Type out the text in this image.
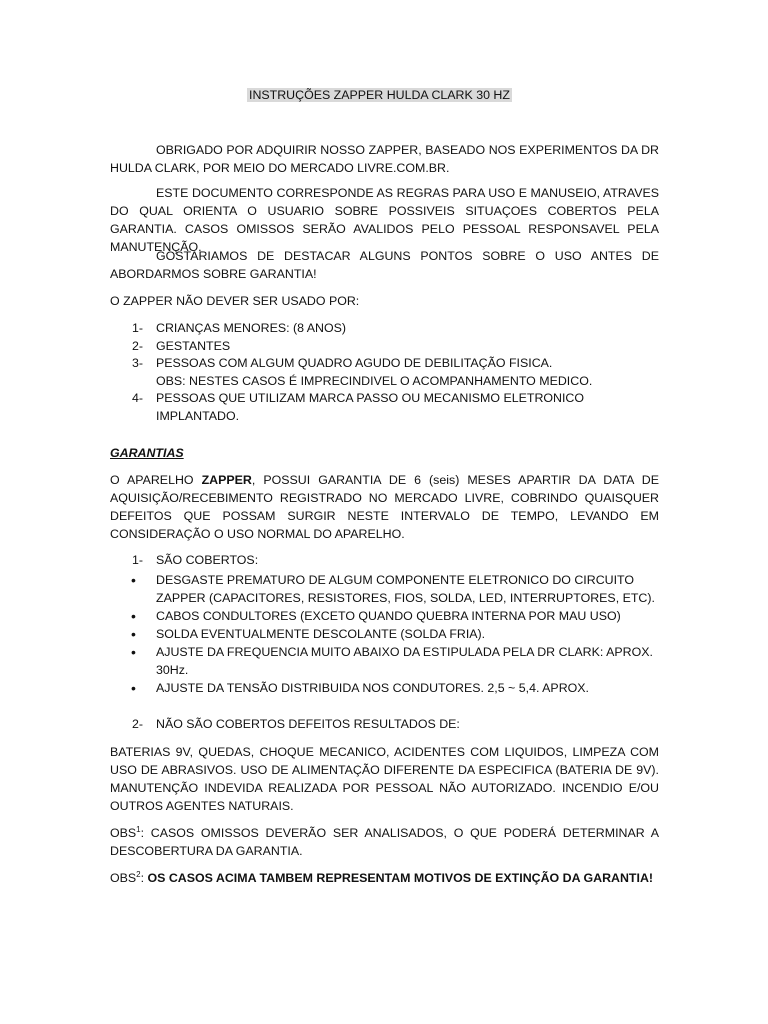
INSTRUÇÕES ZAPPER HULDA CLARK 30 HZ

OBRIGADO POR ADQUIRIR NOSSO ZAPPER, BASEADO NOS EXPERIMENTOS DA DR HULDA CLARK, POR MEIO DO MERCADO LIVRE.COM.BR.

ESTE DOCUMENTO CORRESPONDE AS REGRAS PARA USO E MANUSEIO, ATRAVES DO QUAL ORIENTA O USUARIO SOBRE POSSIVEIS SITUAÇOES COBERTOS PELA GARANTIA. CASOS OMISSOS SERÃO AVALIDOS PELO PESSOAL RESPONSAVEL PELA MANUTENÇÃO.

GOSTARIAMOS DE DESTACAR ALGUNS PONTOS SOBRE O USO ANTES DE ABORDARMOS SOBRE GARANTIA!

O ZAPPER NÃO DEVER SER USADO POR:

1- CRIANÇAS MENORES: (8 ANOS)
2- GESTANTES
3- PESSOAS COM ALGUM QUADRO AGUDO DE DEBILITAÇÃO FISICA.
OBS: NESTES CASOS É IMPRECINDIVEL O ACOMPANHAMENTO MEDICO.
4- PESSOAS QUE UTILIZAM MARCA PASSO OU MECANISMO ELETRONICO IMPLANTADO.

GARANTIAS

O APARELHO ZAPPER, POSSUI GARANTIA DE 6 (seis) MESES APARTIR DA DATA DE AQUISIÇÃO/RECEBIMENTO REGISTRADO NO MERCADO LIVRE, COBRINDO QUAISQUER DEFEITOS QUE POSSAM SURGIR NESTE INTERVALO DE TEMPO, LEVANDO EM CONSIDERAÇÃO O USO NORMAL DO APARELHO.

1- SÃO COBERTOS:
• DESGASTE PREMATURO DE ALGUM COMPONENTE ELETRONICO DO CIRCUITO ZAPPER (CAPACITORES, RESISTORES, FIOS, SOLDA, LED, INTERRUPTORES, ETC).
• CABOS CONDULTORES (EXCETO QUANDO QUEBRA INTERNA POR MAU USO)
• SOLDA EVENTUALMENTE DESCOLANTE (SOLDA FRIA).
• AJUSTE DA FREQUENCIA MUITO ABAIXO DA ESTIPULADA PELA DR CLARK: APROX. 30Hz.
• AJUSTE DA TENSÃO DISTRIBUIDA NOS CONDUTORES. 2,5 ~ 5,4. APROX.
2- NÃO SÃO COBERTOS DEFEITOS RESULTADOS DE:

BATERIAS 9V, QUEDAS, CHOQUE MECANICO, ACIDENTES COM LIQUIDOS, LIMPEZA COM USO DE ABRASIVOS. USO DE ALIMENTAÇÃO DIFERENTE DA ESPECIFICA (BATERIA DE 9V). MANUTENÇÃO INDEVIDA REALIZADA POR PESSOAL NÃO AUTORIZADO. INCENDIO E/OU OUTROS AGENTES NATURAIS.

OBS$^1$: CASOS OMISSOS DEVERÃO SER ANALISADOS, O QUE PODERÁ DETERMINAR A DESCOBERTURA DA GARANTIA.

OBS$^2$: OS CASOS ACIMA TAMBEM REPRESENTAM MOTIVOS DE EXTINÇÃO DA GARANTIA!
